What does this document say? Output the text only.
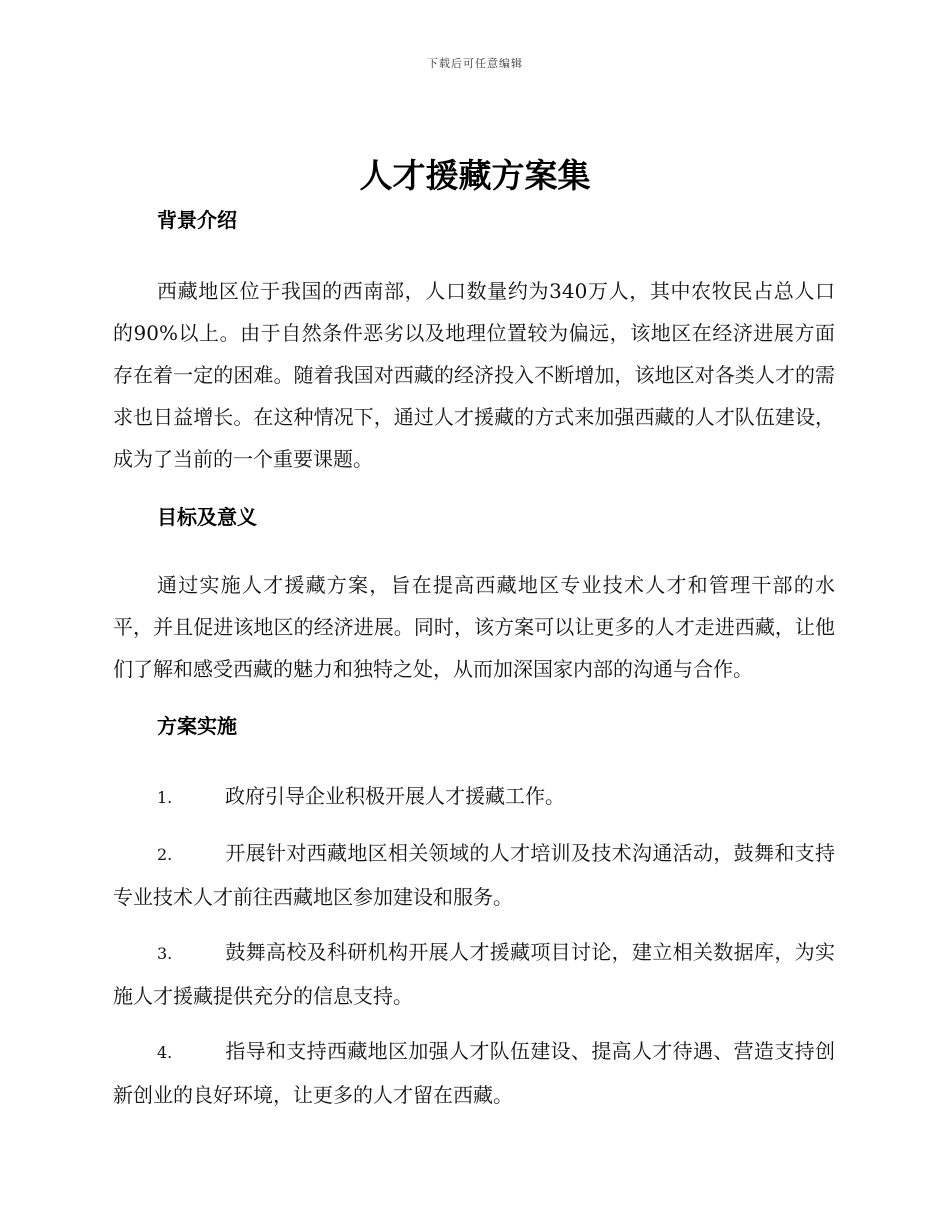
下载后可任意编辑
人才援藏方案集
背景介绍

西藏地区位于我国的西南部，人口数量约为340万人，其中农牧民占总人口的90%以上。由于自然条件恶劣以及地理位置较为偏远，该地区在经济进展方面存在着一定的困难。随着我国对西藏的经济投入不断增加，该地区对各类人才的需求也日益增长。在这种情况下，通过人才援藏的方式来加强西藏的人才队伍建设，成为了当前的一个重要课题。

目标及意义

通过实施人才援藏方案，旨在提高西藏地区专业技术人才和管理干部的水平，并且促进该地区的经济进展。同时，该方案可以让更多的人才走进西藏，让他们了解和感受西藏的魅力和独特之处，从而加深国家内部的沟通与合作。

方案实施

1.	政府引导企业积极开展人才援藏工作。

2.	开展针对西藏地区相关领域的人才培训及技术沟通活动，鼓舞和支持专业技术人才前往西藏地区参加建设和服务。

3.	鼓舞高校及科研机构开展人才援藏项目讨论，建立相关数据库，为实施人才援藏提供充分的信息支持。

4.	指导和支持西藏地区加强人才队伍建设、提高人才待遇、营造支持创新创业的良好环境，让更多的人才留在西藏。
